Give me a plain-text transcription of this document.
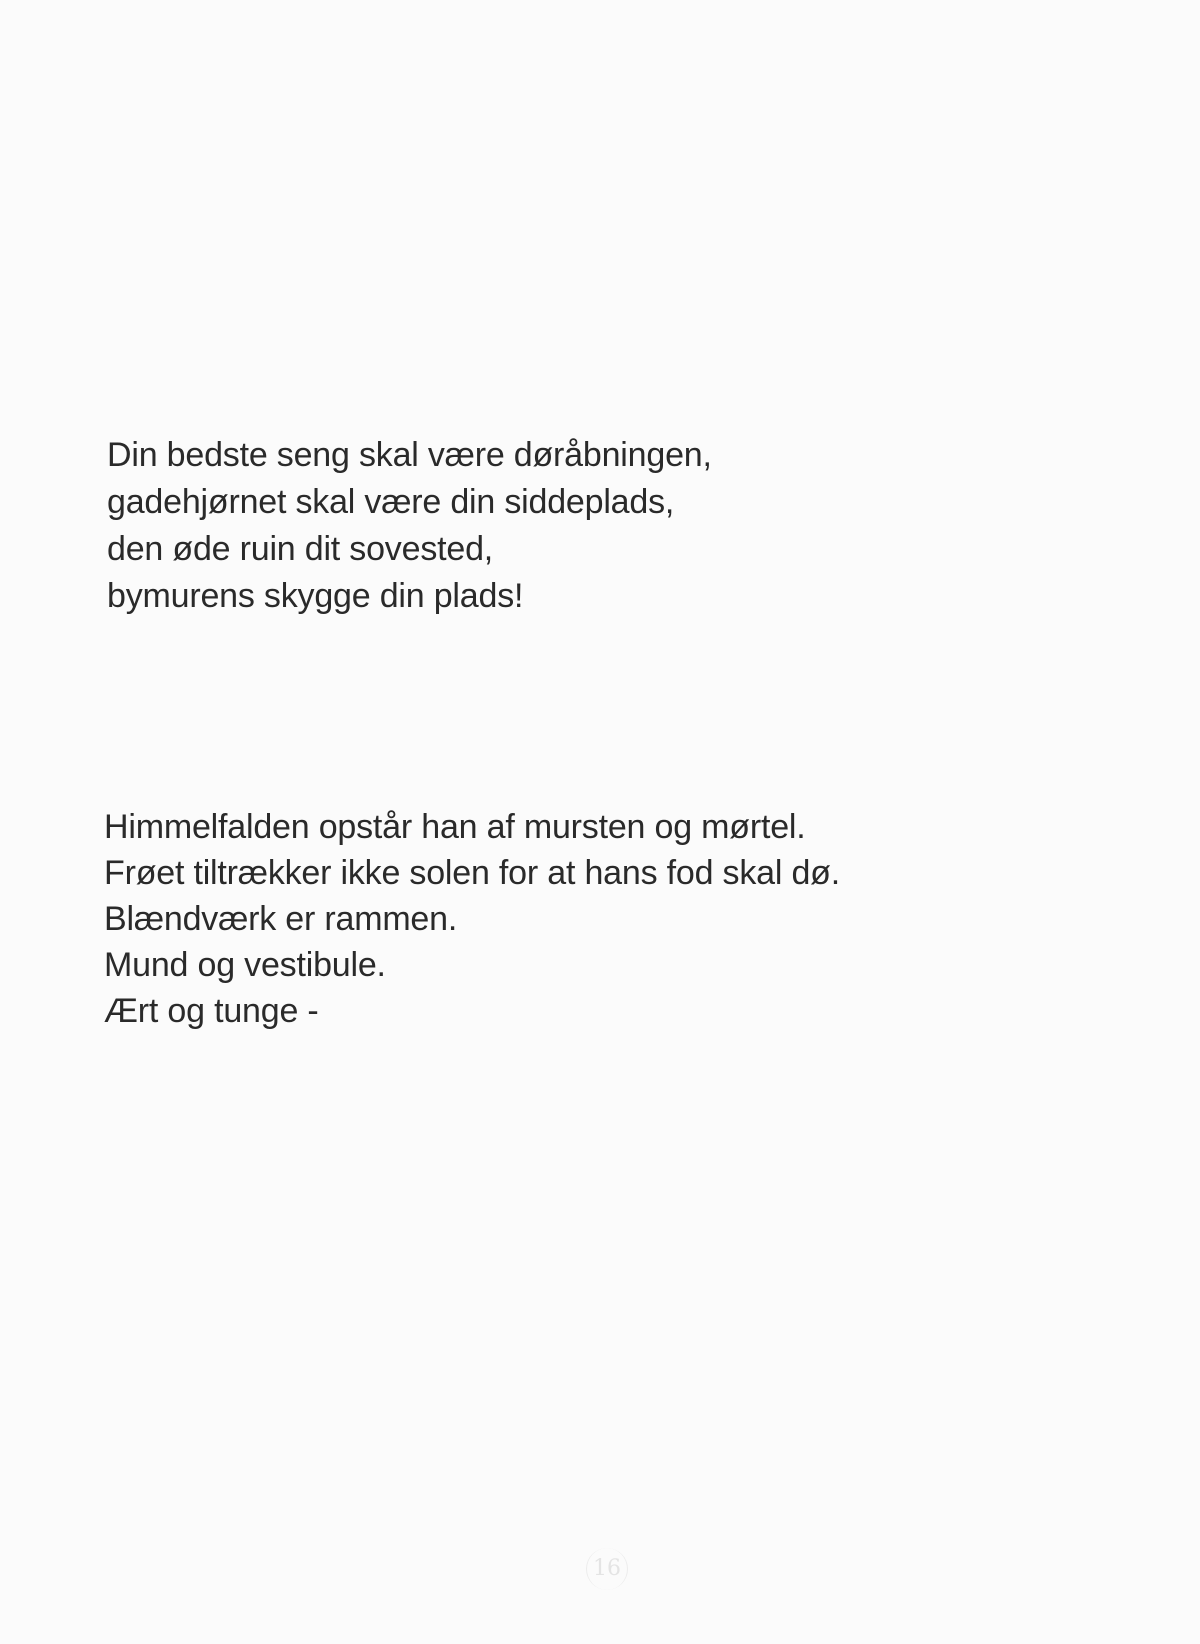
Din bedste seng skal være døråbningen,
gadehjørnet skal være din siddeplads,
den øde ruin dit sovested,
bymurens skygge din plads!
Himmelfalden opstår han af mursten og mørtel.
Frøet tiltrækker ikke solen for at hans fod skal dø.
Blændværk er rammen.
Mund og vestibule.
Ært og tunge -
16
